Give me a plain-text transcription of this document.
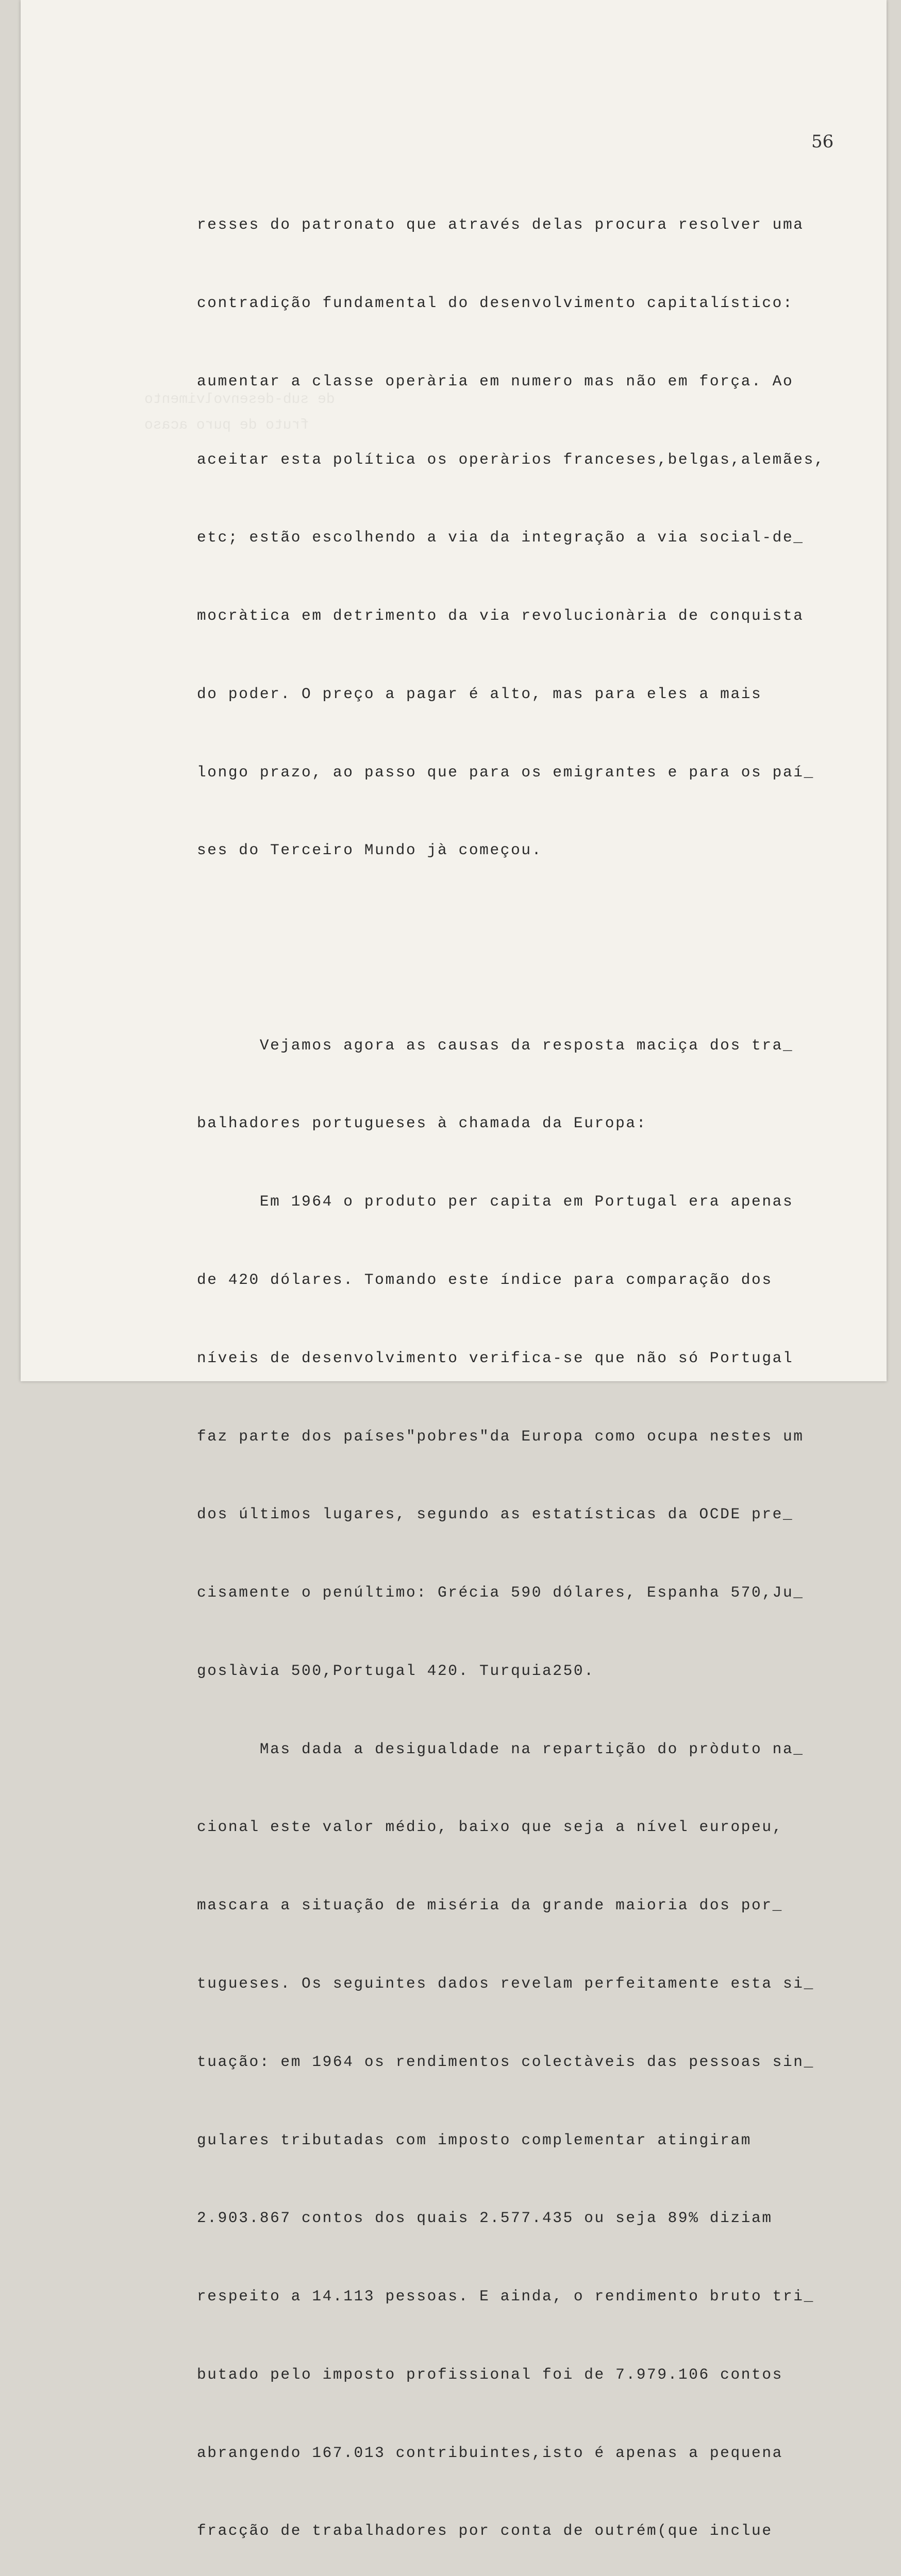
de sub-desenvolvimento
fruto de puro acaso
56

resses do patronato que através delas procura resolver uma

contradição fundamental do desenvolvimento capitalístico:

aumentar a classe operària em numero mas não em força. Ao

aceitar esta política os operàrios franceses,belgas,alemães,

etc; estão escolhendo a via da integração a via social-de_

mocràtica em detrimento da via revolucionària de conquista

do poder. O preço a pagar é alto, mas para eles a mais

longo prazo, ao passo que para os emigrantes e para os paí_

ses do Terceiro Mundo jà começou.

Vejamos agora as causas da resposta maciça dos tra_

balhadores portugueses à chamada da Europa:

Em 1964 o produto per capita em Portugal era apenas

de 420 dólares. Tomando este índice para comparação dos

níveis de desenvolvimento verifica-se que não só Portugal

faz parte dos países"pobres"da Europa como ocupa nestes um

dos últimos lugares, segundo as estatísticas da OCDE pre_

cisamente o penúltimo: Grécia 590 dólares, Espanha 570,Ju_

goslàvia 500,Portugal 420. Turquia250.

Mas dada a desigualdade na repartição do pròduto na_

cional este valor médio, baixo que seja a nível europeu,

mascara a situação de miséria da grande maioria dos por_

tugueses. Os seguintes dados revelam perfeitamente esta si_

tuação: em 1964 os rendimentos colectàveis das pessoas sin_

gulares tributadas com imposto complementar atingiram

2.903.867 contos dos quais 2.577.435 ou seja 89% diziam

respeito a 14.113 pessoas. E ainda, o rendimento bruto tri_

butado pelo imposto profissional foi de 7.979.106 contos

abrangendo 167.013 contribuintes,isto é apenas a pequena

fracção de trabalhadores por conta de outrém(que inclue
